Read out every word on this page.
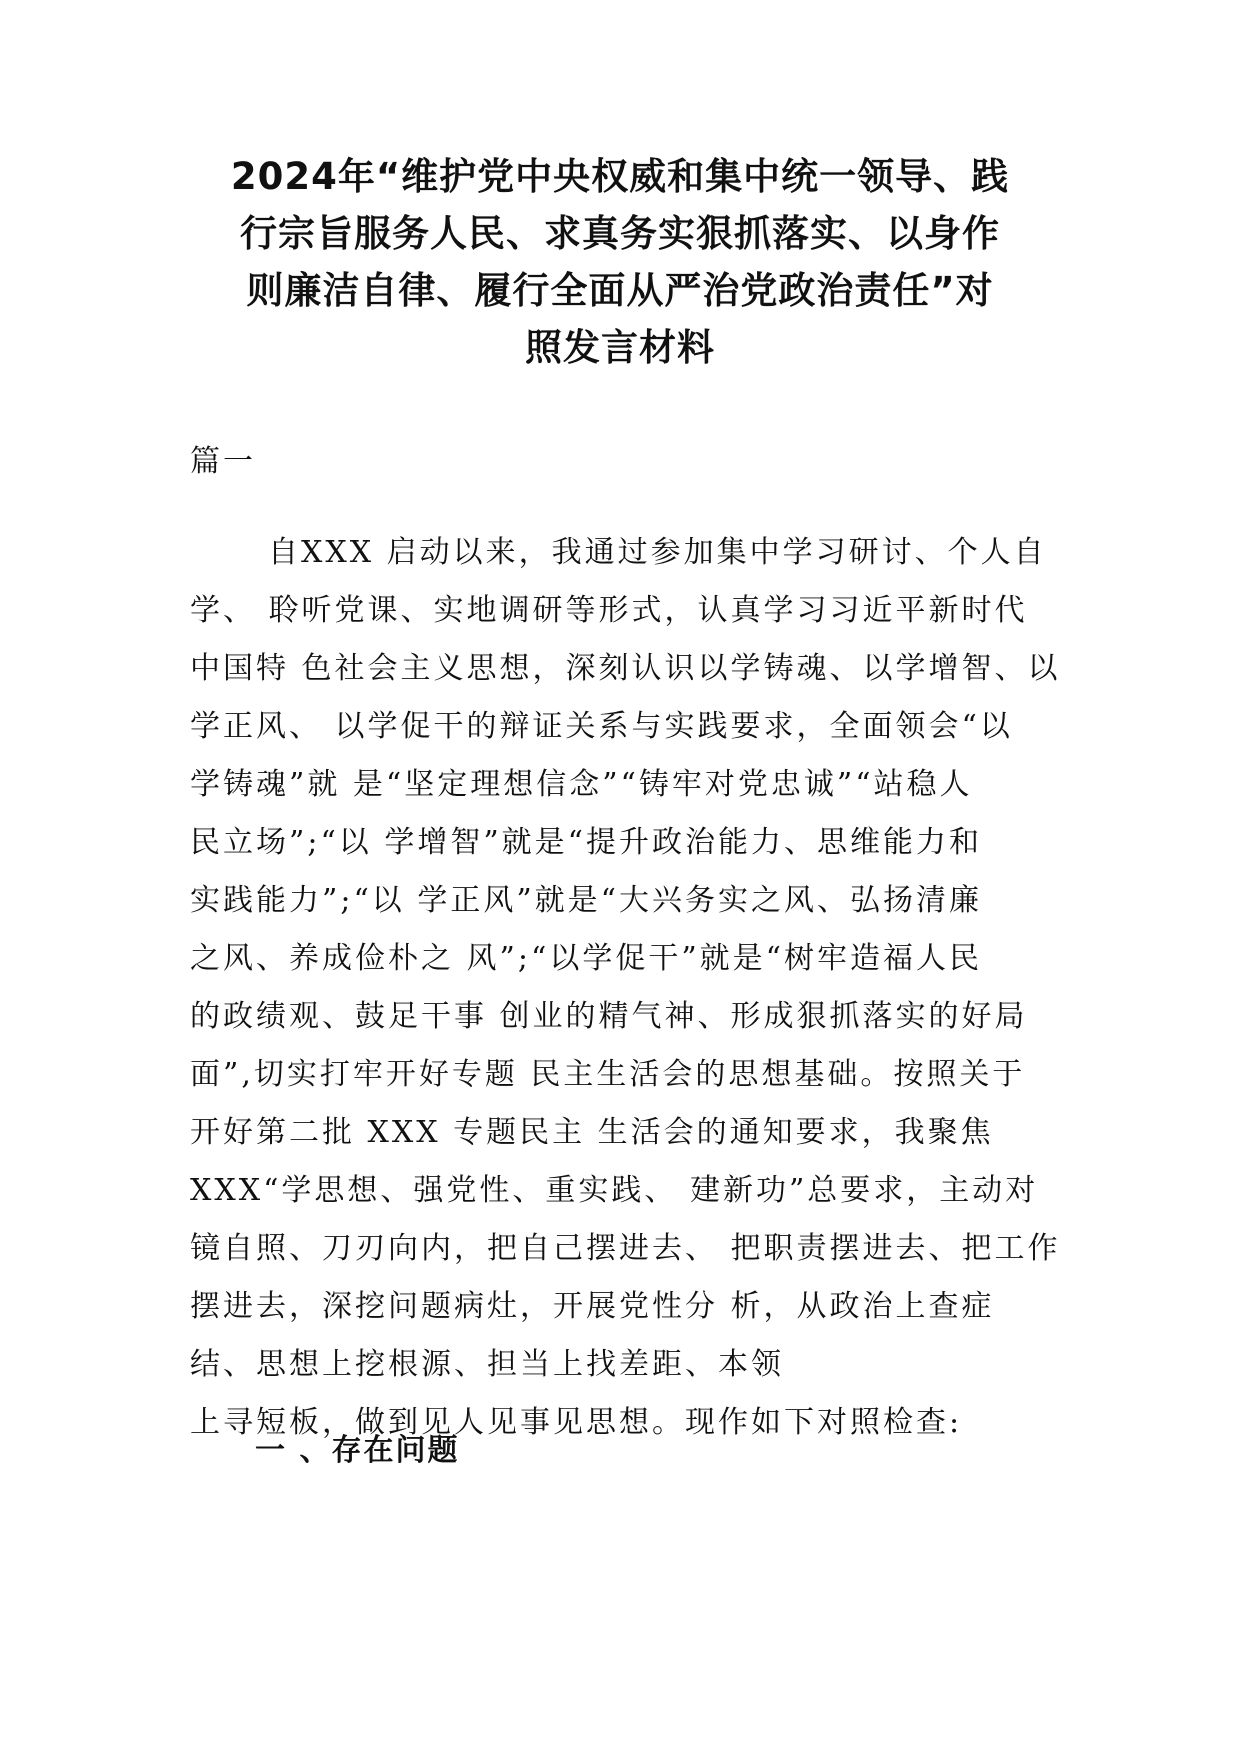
2024年“维护党中央权威和集中统一领导、践
行宗旨服务人民、求真务实狠抓落实、以身作
则廉洁自律、履行全面从严治党政治责任”对
照发言材料

篇一

自XXX 启动以来，我通过参加集中学习研讨、个人自
学、 聆听党课、实地调研等形式，认真学习习近平新时代
中国特 色社会主义思想，深刻认识以学铸魂、以学增智、以
学正风、 以学促干的辩证关系与实践要求，全面领会“以
学铸魂”就 是“坚定理想信念”“铸牢对党忠诚”“站稳人
民立场”;“以 学增智”就是“提升政治能力、思维能力和
实践能力”;“以 学正风”就是“大兴务实之风、弘扬清廉
之风、养成俭朴之 风”;“以学促干”就是“树牢造福人民
的政绩观、鼓足干事 创业的精气神、形成狠抓落实的好局
面”,切实打牢开好专题 民主生活会的思想基础。按照关于
开好第二批 XXX 专题民主 生活会的通知要求，我聚焦
XXX“学思想、强党性、重实践、 建新功”总要求，主动对
镜自照、刀刃向内，把自己摆进去、 把职责摆进去、把工作
摆进去，深挖问题病灶，开展党性分 析，从政治上查症
结、思想上挖根源、担当上找差距、本领
上寻短板，做到见人见事见思想。现作如下对照检查:

一 、存在问题
